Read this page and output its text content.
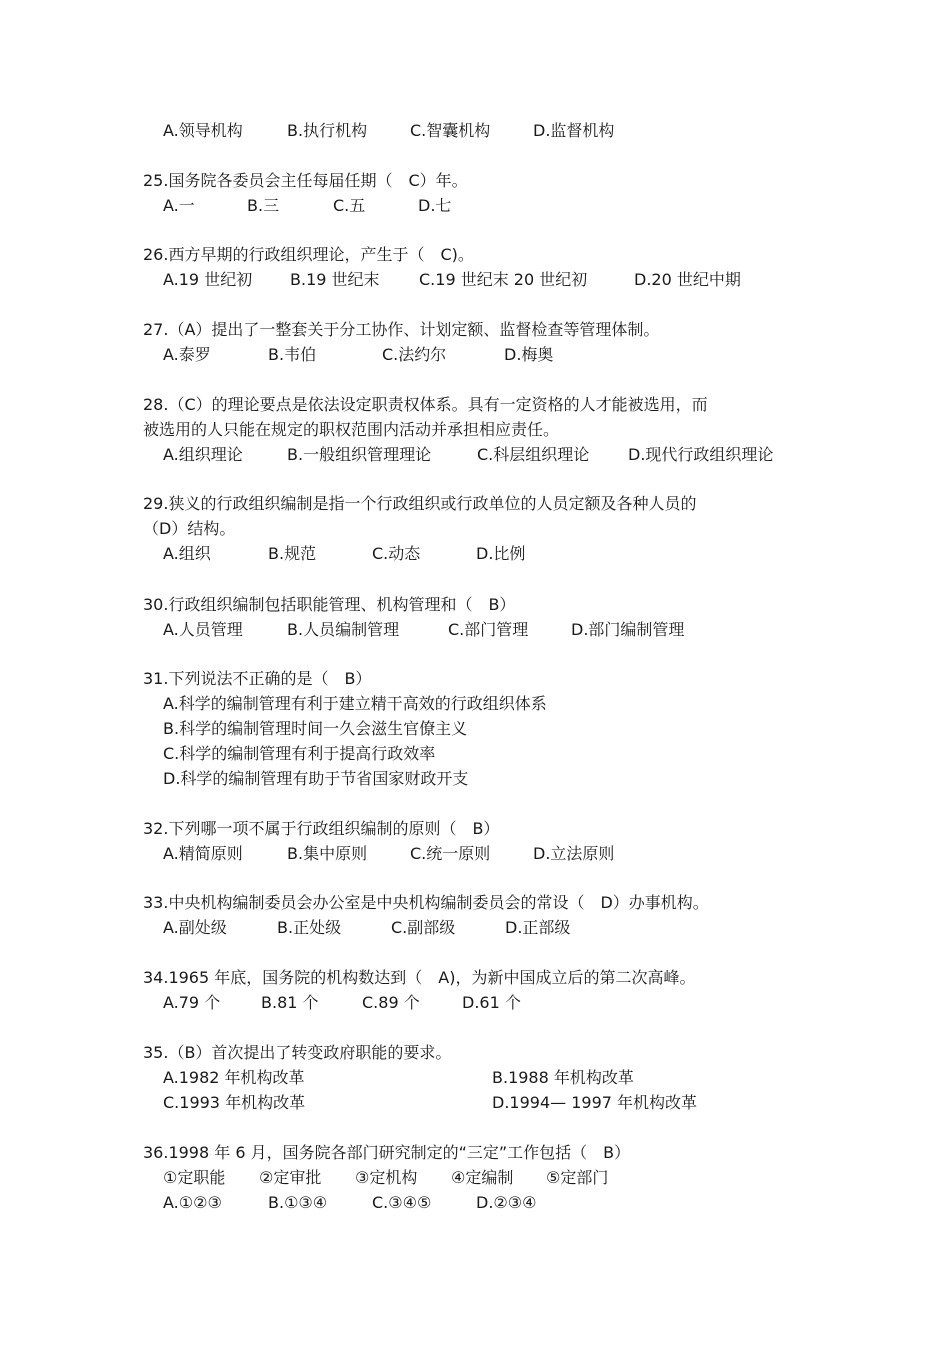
A.领导机构	B.执行机构	C.智囊机构	D.监督机构
25.国务院各委员会主任每届任期（　C）年。
A.一	B.三	C.五	D.七
26.西方早期的行政组织理论，产生于（　C)。
A.19 世纪初 B.19 世纪末 C.19 世纪末 20 世纪初	D.20 世纪中期
27.（A）提出了一整套关于分工协作、计划定额、监督检查等管理体制。
A.泰罗	B.韦伯	C.法约尔	D.梅奥
28.（C）的理论要点是依法设定职责权体系。具有一定资格的人才能被选用，而
被选用的人只能在规定的职权范围内活动并承担相应责任。
A.组织理论	B.一般组织管理理论	C.科层组织理论 D.现代行政组织理论
29.狭义的行政组织编制是指一个行政组织或行政单位的人员定额及各种人员的
（D）结构。
A.组织	B.规范	C.动态	D.比例
30.行政组织编制包括职能管理、机构管理和（　B）
A.人员管理	B.人员编制管理	C.部门管理	D.部门编制管理
31.下列说法不正确的是（　B）
A.科学的编制管理有利于建立精干高效的行政组织体系
B.科学的编制管理时间一久会滋生官僚主义
C.科学的编制管理有利于提高行政效率
D.科学的编制管理有助于节省国家财政开支
32.下列哪一项不属于行政组织编制的原则（　B）
A.精简原则	B.集中原则	C.统一原则	D.立法原则
33.中央机构编制委员会办公室是中央机构编制委员会的常设（　D）办事机构。
A.副处级	B.正处级	C.副部级	D.正部级
34.1965 年底，国务院的机构数达到（　A)，为新中国成立后的第二次高峰。
A.79 个	B.81 个	C.89 个	D.61 个
35.（B）首次提出了转变政府职能的要求。
A.1982 年机构改革	B.1988 年机构改革
C.1993 年机构改革	D.1994— 1997 年机构改革
36.1998 年 6 月，国务院各部门研究制定的“三定”工作包括（　B）
①定职能 ②定审批 ③定机构 ④定编制 ⑤定部门
A.①②③	B.①③④	C.③④⑤	D.②③④
